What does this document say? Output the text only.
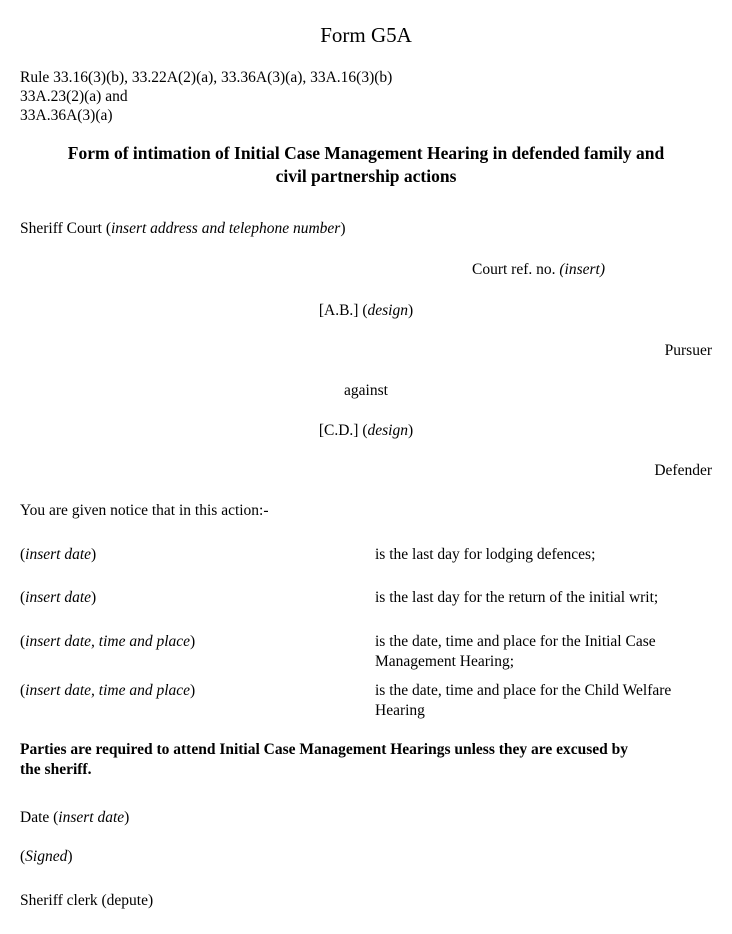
Form G5A
Rule 33.16(3)(b), 33.22A(2)(a), 33.36A(3)(a), 33A.16(3)(b)
33A.23(2)(a) and
33A.36A(3)(a)
Form of intimation of Initial Case Management Hearing in defended family and
civil partnership actions
Sheriff Court (insert address and telephone number)
Court ref. no. (insert)
[A.B.] (design)
Pursuer
against
[C.D.] (design)
Defender
You are given notice that in this action:-
(insert date)	is the last day for lodging defences;
(insert date)	is the last day for the return of the initial writ;
(insert date, time and place)	is the date, time and place for the Initial Case
Management Hearing;
(insert date, time and place)	is the date, time and place for the Child Welfare
Hearing
Parties are required to attend Initial Case Management Hearings unless they are excused by
the sheriff.
Date (insert date)
(Signed)
Sheriff clerk (depute)
